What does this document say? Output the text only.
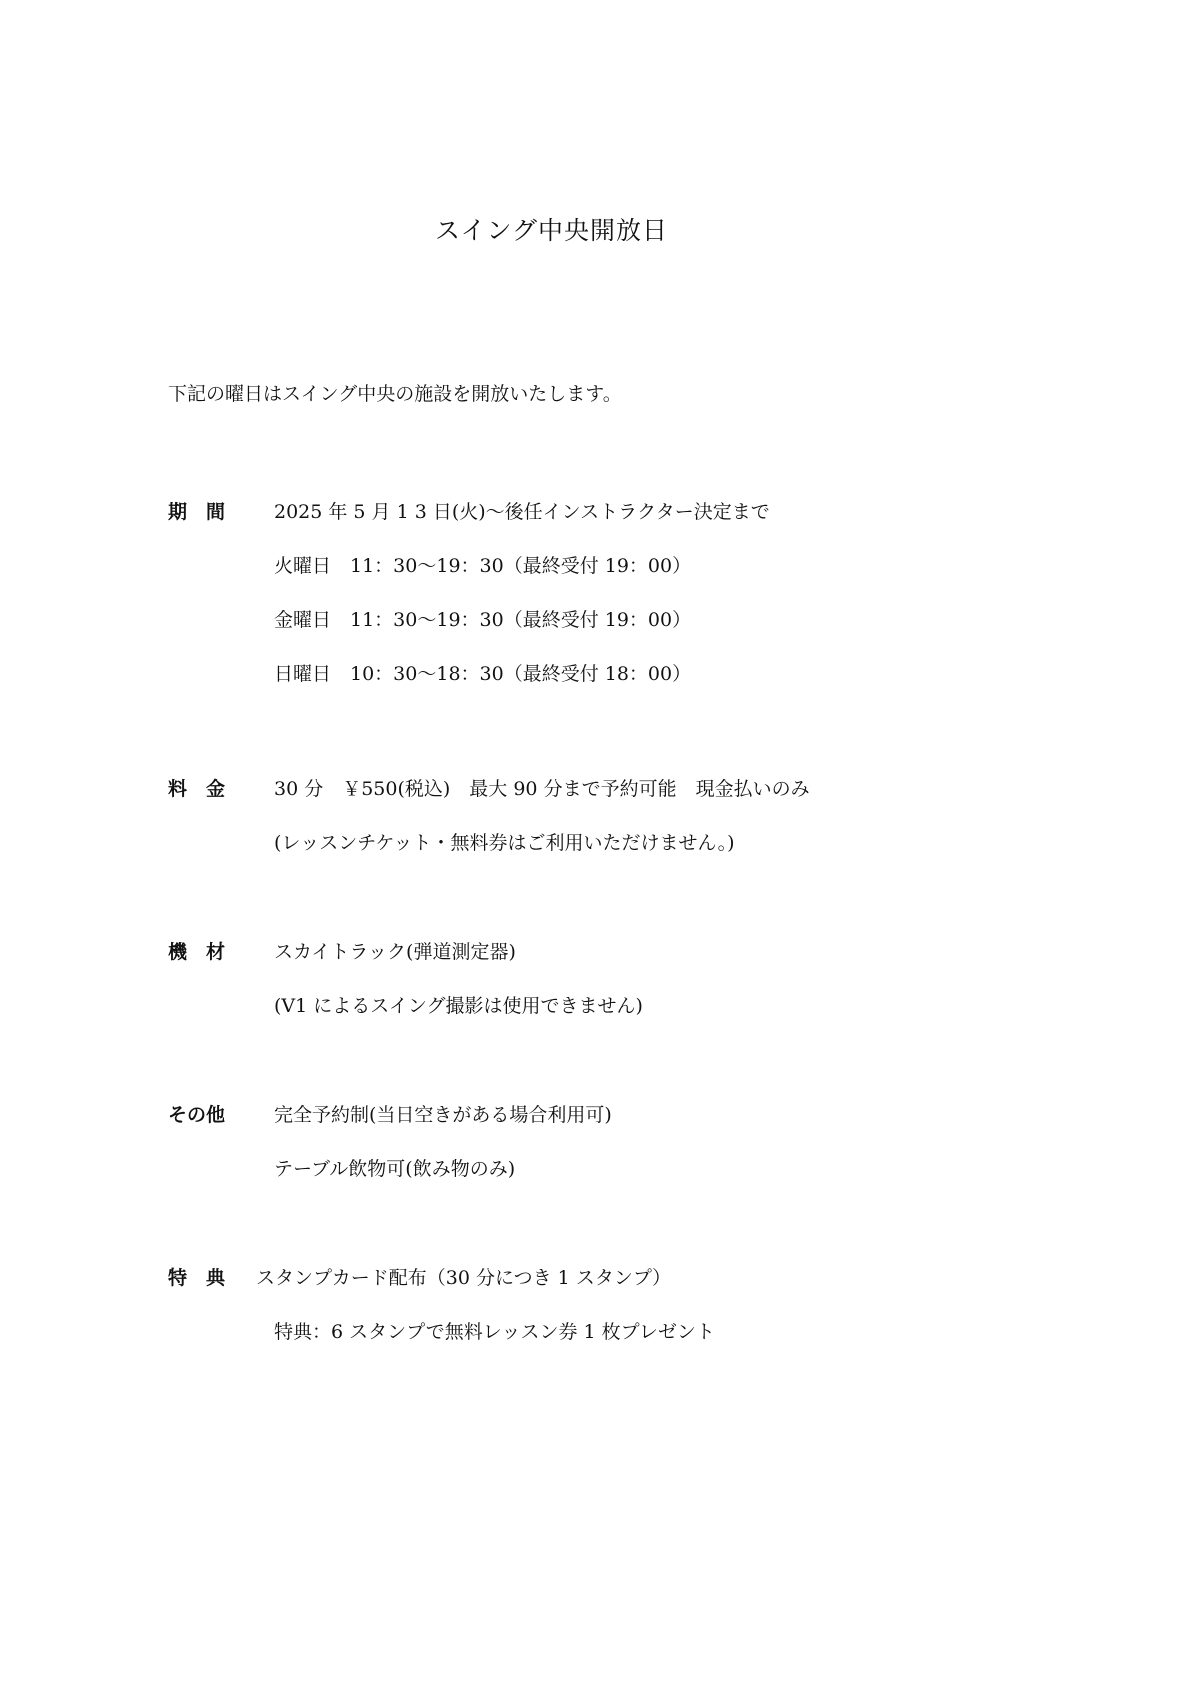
スイング中央開放日

下記の曜日はスイング中央の施設を開放いたします。

期　間	2025 年 5 月 1 3 日(火)〜後任インストラクター決定まで
火曜日　11：30〜19：30（最終受付 19：00）
金曜日　11：30〜19：30（最終受付 19：00）
日曜日　10：30〜18：30（最終受付 18：00）
料　金	30 分　￥550(税込)　最大 90 分まで予約可能　現金払いのみ
(レッスンチケット・無料券はご利用いただけません。)
機　材	スカイトラック(弾道測定器)
(V1 によるスイング撮影は使用できません)
その他	完全予約制(当日空きがある場合利用可)
テーブル飲物可(飲み物のみ)
特　典 スタンプカード配布（30 分につき 1 スタンプ）
特典：6 スタンプで無料レッスン券 1 枚プレゼント
